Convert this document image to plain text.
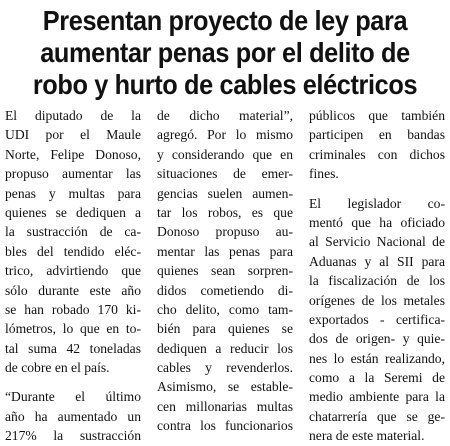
Presentan proyecto de ley para
aumentar penas por el delito de
robo y hurto de cables eléctricos
El diputado de la
UDI por el Maule
Norte, Felipe Donoso,
propuso aumentar las
penas y multas para
quienes se dediquen a
la sustracción de ca-
bles del tendido eléc-
trico, advirtiendo que
sólo durante este año
se han robado 170 ki-
lómetros, lo que en to-
tal suma 42 toneladas
de cobre en el país.
“Durante el último
año ha aumentado un
217% la sustracción
de dicho material”,
agregó. Por lo mismo
y considerando que en
situaciones de emer-
gencias suelen aumen-
tar los robos, es que
Donoso propuso au-
mentar las penas para
quienes sean sorpren-
didos cometiendo di-
cho delito, como tam-
bién para quienes se
dediquen a reducir los
cables y revenderlos.
Asimismo, se estable-
cen millonarias multas
contra los funcionarios
públicos que también
participen en bandas
criminales con dichos
fines.
El legislador co-
mentó que ha oficiado
al Servicio Nacional de
Aduanas y al SII para
la fiscalización de los
orígenes de los metales
exportados - certifica-
dos de origen- y quie-
nes lo están realizando,
como a la Seremi de
medio ambiente para la
chatarrería que se ge-
nera de este material.
